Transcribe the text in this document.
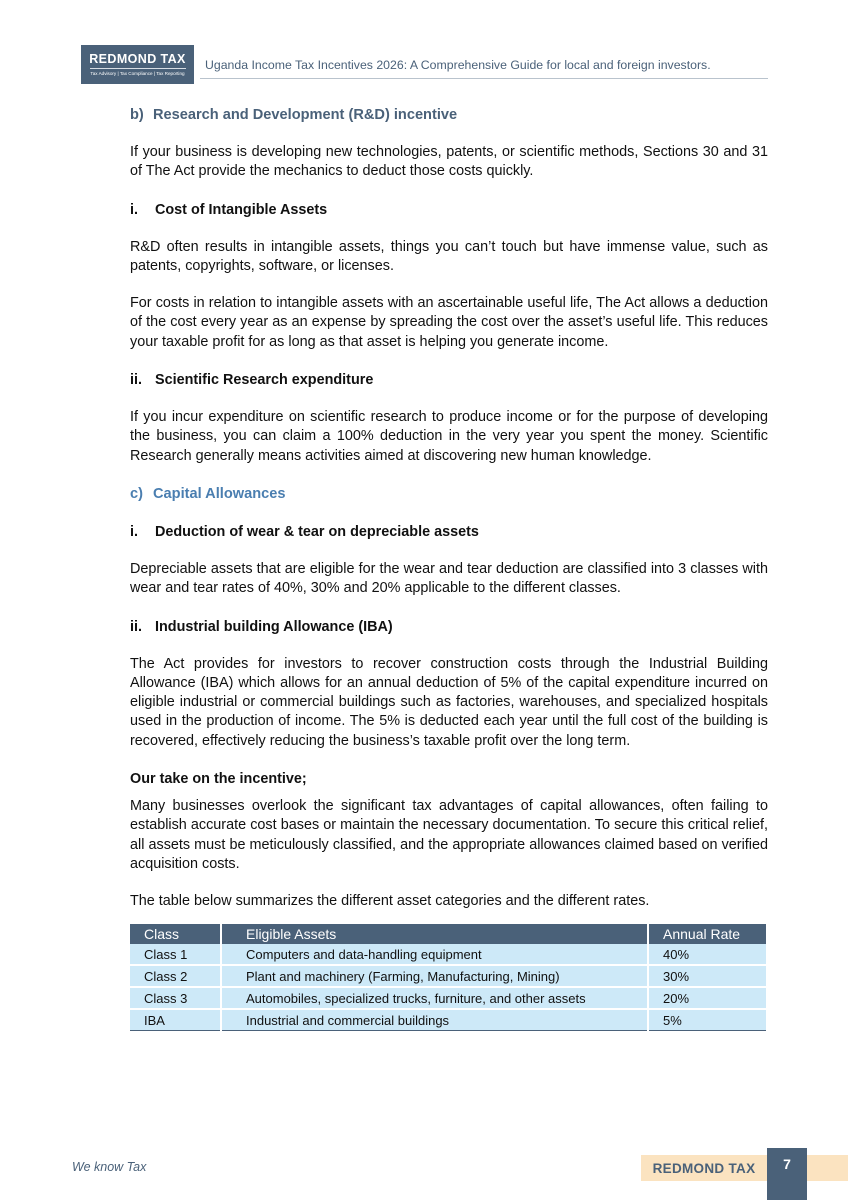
REDMOND TAX
Tax Advisory | Tax Compliance | Tax Reporting
Uganda Income Tax Incentives 2026: A Comprehensive Guide for local and foreign investors.
b) Research and Development (R&D) incentive

If your business is developing new technologies, patents, or scientific methods, Sections 30 and 31 of The Act provide the mechanics to deduct those costs quickly.

i. Cost of Intangible Assets

R&D often results in intangible assets, things you can’t touch but have immense value, such as patents, copyrights, software, or licenses.

For costs in relation to intangible assets with an ascertainable useful life, The Act allows a deduction of the cost every year as an expense by spreading the cost over the asset’s useful life. This reduces your taxable profit for as long as that asset is helping you generate income.

ii. Scientific Research expenditure

If you incur expenditure on scientific research to produce income or for the purpose of developing the business, you can claim a 100% deduction in the very year you spent the money. Scientific Research generally means activities aimed at discovering new human knowledge.

c) Capital Allowances
i. Deduction of wear & tear on depreciable assets

Depreciable assets that are eligible for the wear and tear deduction are classified into 3 classes with wear and tear rates of 40%, 30% and 20% applicable to the different classes.

ii. Industrial building Allowance (IBA)

The Act provides for investors to recover construction costs through the Industrial Building Allowance (IBA) which allows for an annual deduction of 5% of the capital expenditure incurred on eligible industrial or commercial buildings such as factories, warehouses, and specialized hospitals used in the production of income. The 5% is deducted each year until the full cost of the building is recovered, effectively reducing the business’s taxable profit over the long term.

Our take on the incentive;

Many businesses overlook the significant tax advantages of capital allowances, often failing to establish accurate cost bases or maintain the necessary documentation. To secure this critical relief, all assets must be meticulously classified, and the appropriate allowances claimed based on verified acquisition costs.

The table below summarizes the different asset categories and the different rates.

Class	Eligible Assets	Annual Rate
Class 1	Computers and data-handling equipment	40%
Class 2	Plant and machinery (Farming, Manufacturing, Mining)	30%
Class 3	Automobiles, specialized trucks, furniture, and other assets	20%
IBA	Industrial and commercial buildings	5%
We know Tax	REDMOND TAX	7
